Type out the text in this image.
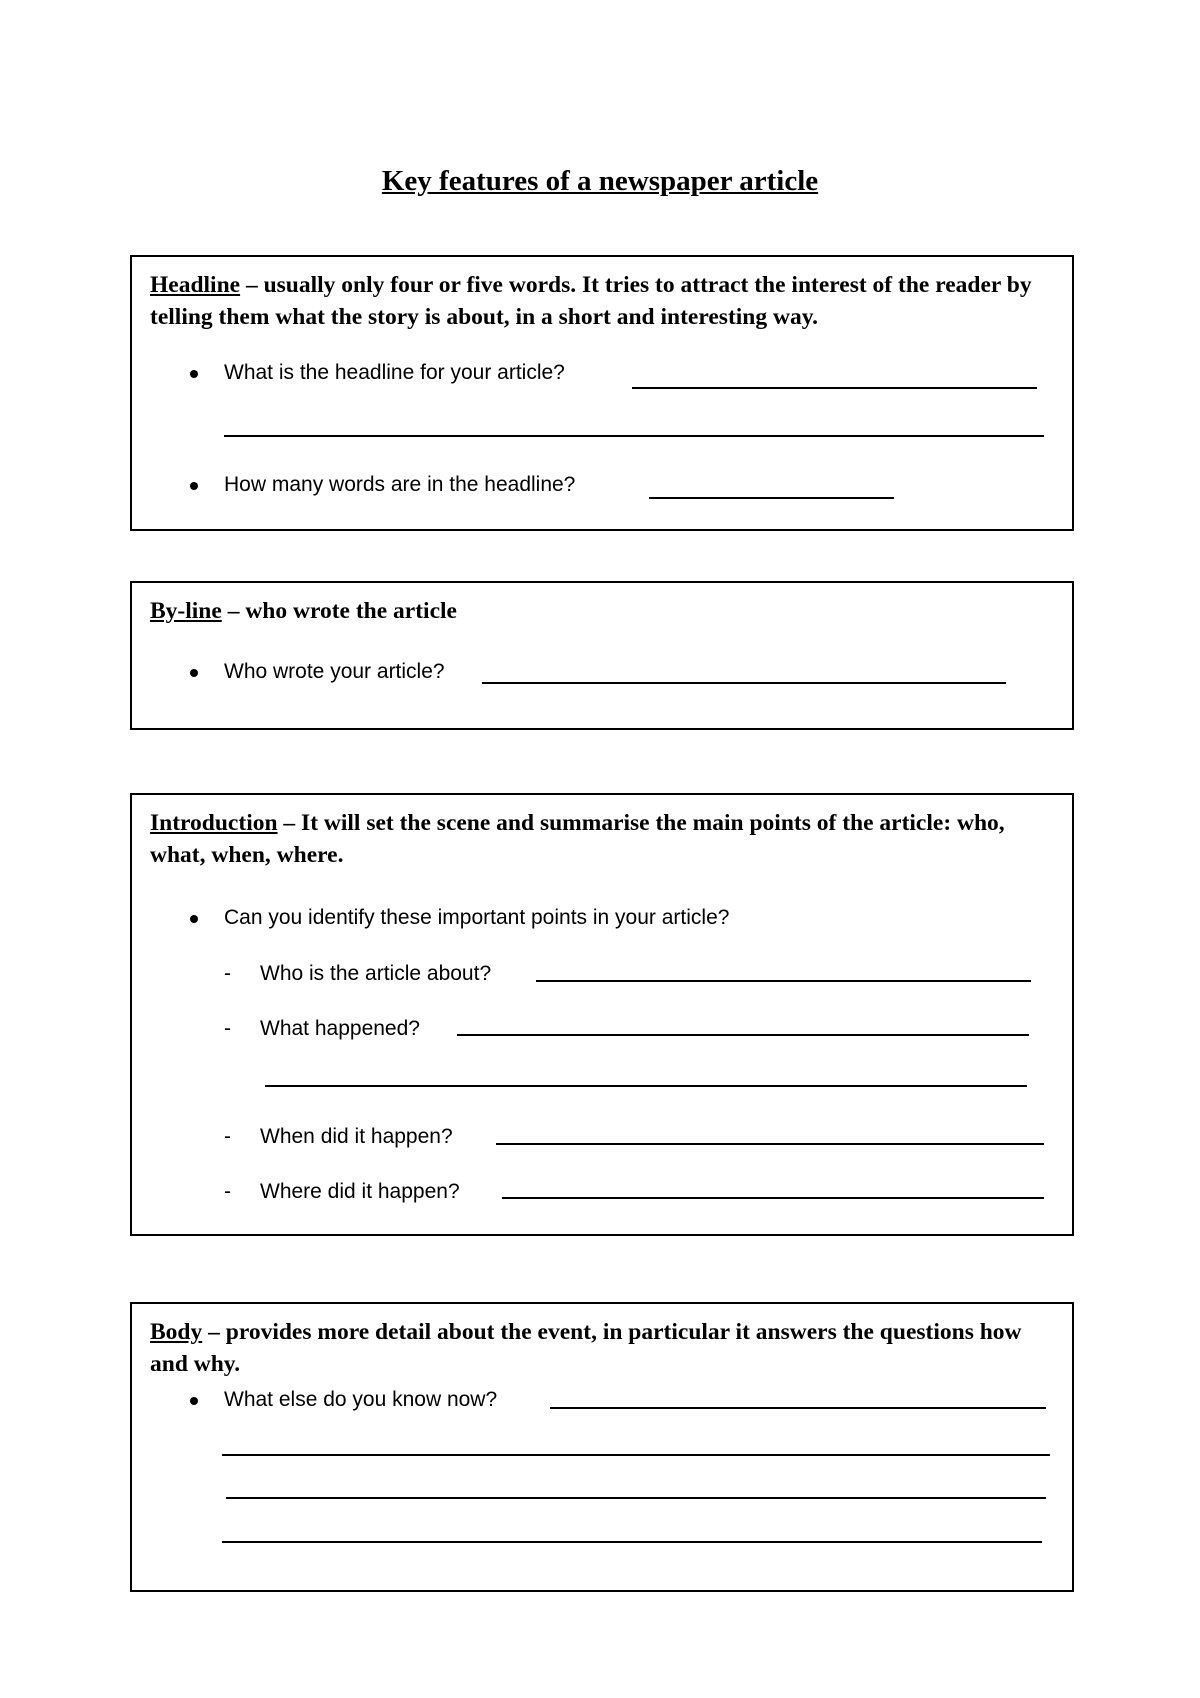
Key features of a newspaper article
Headline – usually only four or five words. It tries to attract the interest of the reader by telling them what the story is about, in a short and interesting way.
What is the headline for your article?
How many words are in the headline?
By-line – who wrote the article
Who wrote your article?
Introduction – It will set the scene and summarise the main points of the article: who, what, when, where.
Can you identify these important points in your article?
- Who is the article about?
- What happened?
- When did it happen?
- Where did it happen?
Body – provides more detail about the event, in particular it answers the questions how and why.
What else do you know now?
